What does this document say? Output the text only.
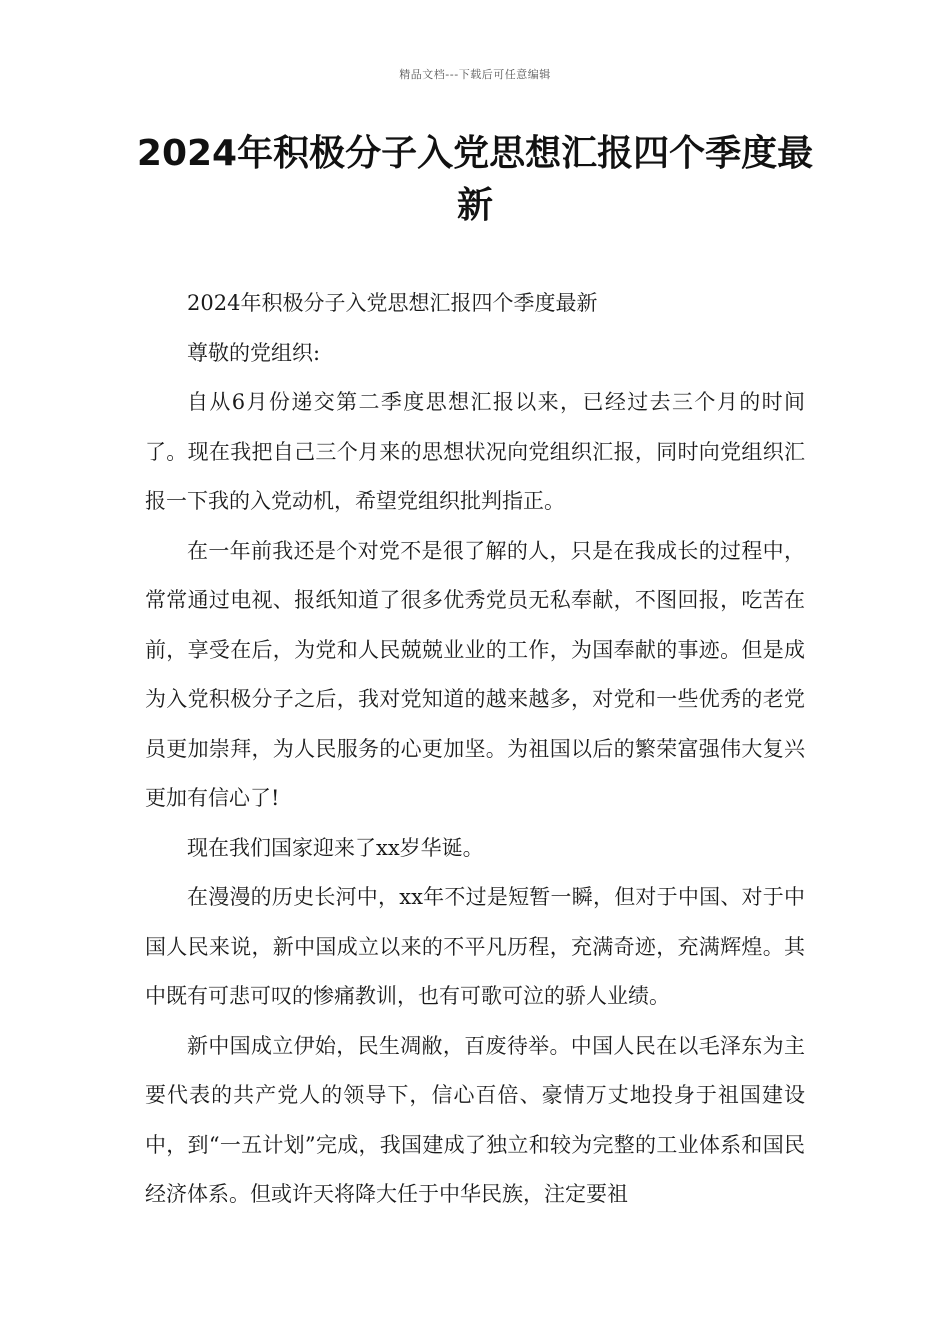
精品文档---下载后可任意编辑
2024年积极分子入党思想汇报四个季度最新

2024年积极分子入党思想汇报四个季度最新

尊敬的党组织:

自从6月份递交第二季度思想汇报以来，已经过去三个月的时间了。现在我把自己三个月来的思想状况向党组织汇报，同时向党组织汇报一下我的入党动机，希望党组织批判指正。

在一年前我还是个对党不是很了解的人，只是在我成长的过程中，常常通过电视、报纸知道了很多优秀党员无私奉献，不图回报，吃苦在前，享受在后，为党和人民兢兢业业的工作，为国奉献的事迹。但是成为入党积极分子之后，我对党知道的越来越多，对党和一些优秀的老党员更加崇拜，为人民服务的心更加坚。为祖国以后的繁荣富强伟大复兴更加有信心了!

现在我们国家迎来了xx岁华诞。

在漫漫的历史长河中，xx年不过是短暂一瞬，但对于中国、对于中国人民来说，新中国成立以来的不平凡历程，充满奇迹，充满辉煌。其中既有可悲可叹的惨痛教训，也有可歌可泣的骄人业绩。

新中国成立伊始，民生凋敝，百废待举。中国人民在以毛泽东为主要代表的共产党人的领导下，信心百倍、豪情万丈地投身于祖国建设中，到“一五计划”完成，我国建成了独立和较为完整的工业体系和国民经济体系。但或许天将降大任于中华民族，注定要祖
